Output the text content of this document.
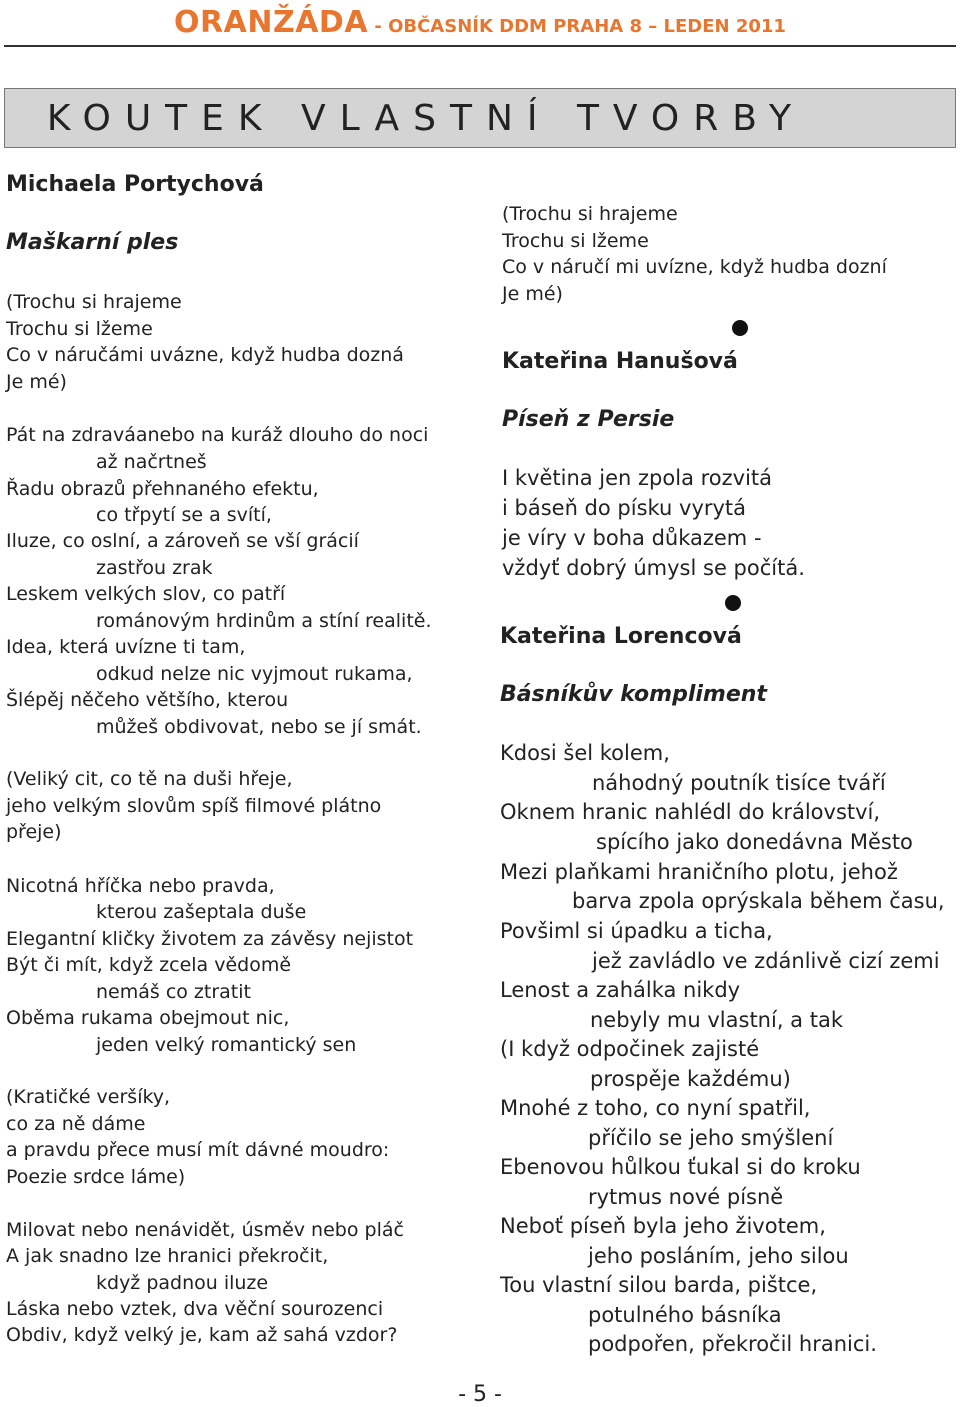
ORANŽÁDA - OBČASNÍK DDM PRAHA 8 – LEDEN 2011
KOUTEK VLASTNÍ TVORBY
Michaela Portychová
Maškarní ples
(Trochu si hrajeme
Trochu si lžeme
Co v náručámi uvázne, když hudba dozná
Je mé)
Pát na zdraváanebo na kuráž dlouho do noci
až načrtneš
Řadu obrazů přehnaného efektu,
co třpytí se a svítí,
Iluze, co oslní, a zároveň se vší grácií
zastřou zrak
Leskem velkých slov, co patří
románovým hrdinům a stíní realitě.
Idea, která uvízne ti tam,
odkud nelze nic vyjmout rukama,
Šlépěj něčeho většího, kterou
můžeš obdivovat, nebo se jí smát.
(Veliký cit, co tě na duši hřeje,
jeho velkým slovům spíš filmové plátno
přeje)
Nicotná hříčka nebo pravda,
kterou zašeptala duše
Elegantní kličky životem za závěsy nejistot
Být či mít, když zcela vědomě
nemáš co ztratit
Oběma rukama obejmout nic,
jeden velký romantický sen
(Kratičké veršíky,
co za ně dáme
a pravdu přece musí mít dávné moudro:
Poezie srdce láme)
Milovat nebo nenávidět, úsměv nebo pláč
A jak snadno lze hranici překročit,
když padnou iluze
Láska nebo vztek, dva věční sourozenci
Obdiv, když velký je, kam až sahá vzdor?
(Trochu si hrajeme
Trochu si lžeme
Co v náručí mi uvízne, když hudba dozní
Je mé)
Kateřina Hanušová
Píseň z Persie
I květina jen zpola rozvitá
i báseň do písku vyrytá
je víry v boha důkazem -
vždyť dobrý úmysl se počítá.
Kateřina Lorencová
Básníkův kompliment
Kdosi šel kolem,
náhodný poutník tisíce tváří
Oknem hranic nahlédl do království,
spícího jako donedávna Město
Mezi plaňkami hraničního plotu, jehož
barva zpola oprýskala během času,
Povšiml si úpadku a ticha,
jež zavládlo ve zdánlivě cizí zemi
Lenost a zahálka nikdy
nebyly mu vlastní, a tak
(I když odpočinek zajisté
prospěje každému)
Mnohé z toho, co nyní spatřil,
příčilo se jeho smýšlení
Ebenovou hůlkou ťukal si do kroku
rytmus nové písně
Neboť píseň byla jeho životem,
jeho posláním, jeho silou
Tou vlastní silou barda, pištce,
potulného básníka
podpořen, překročil hranici.
- 5 -
